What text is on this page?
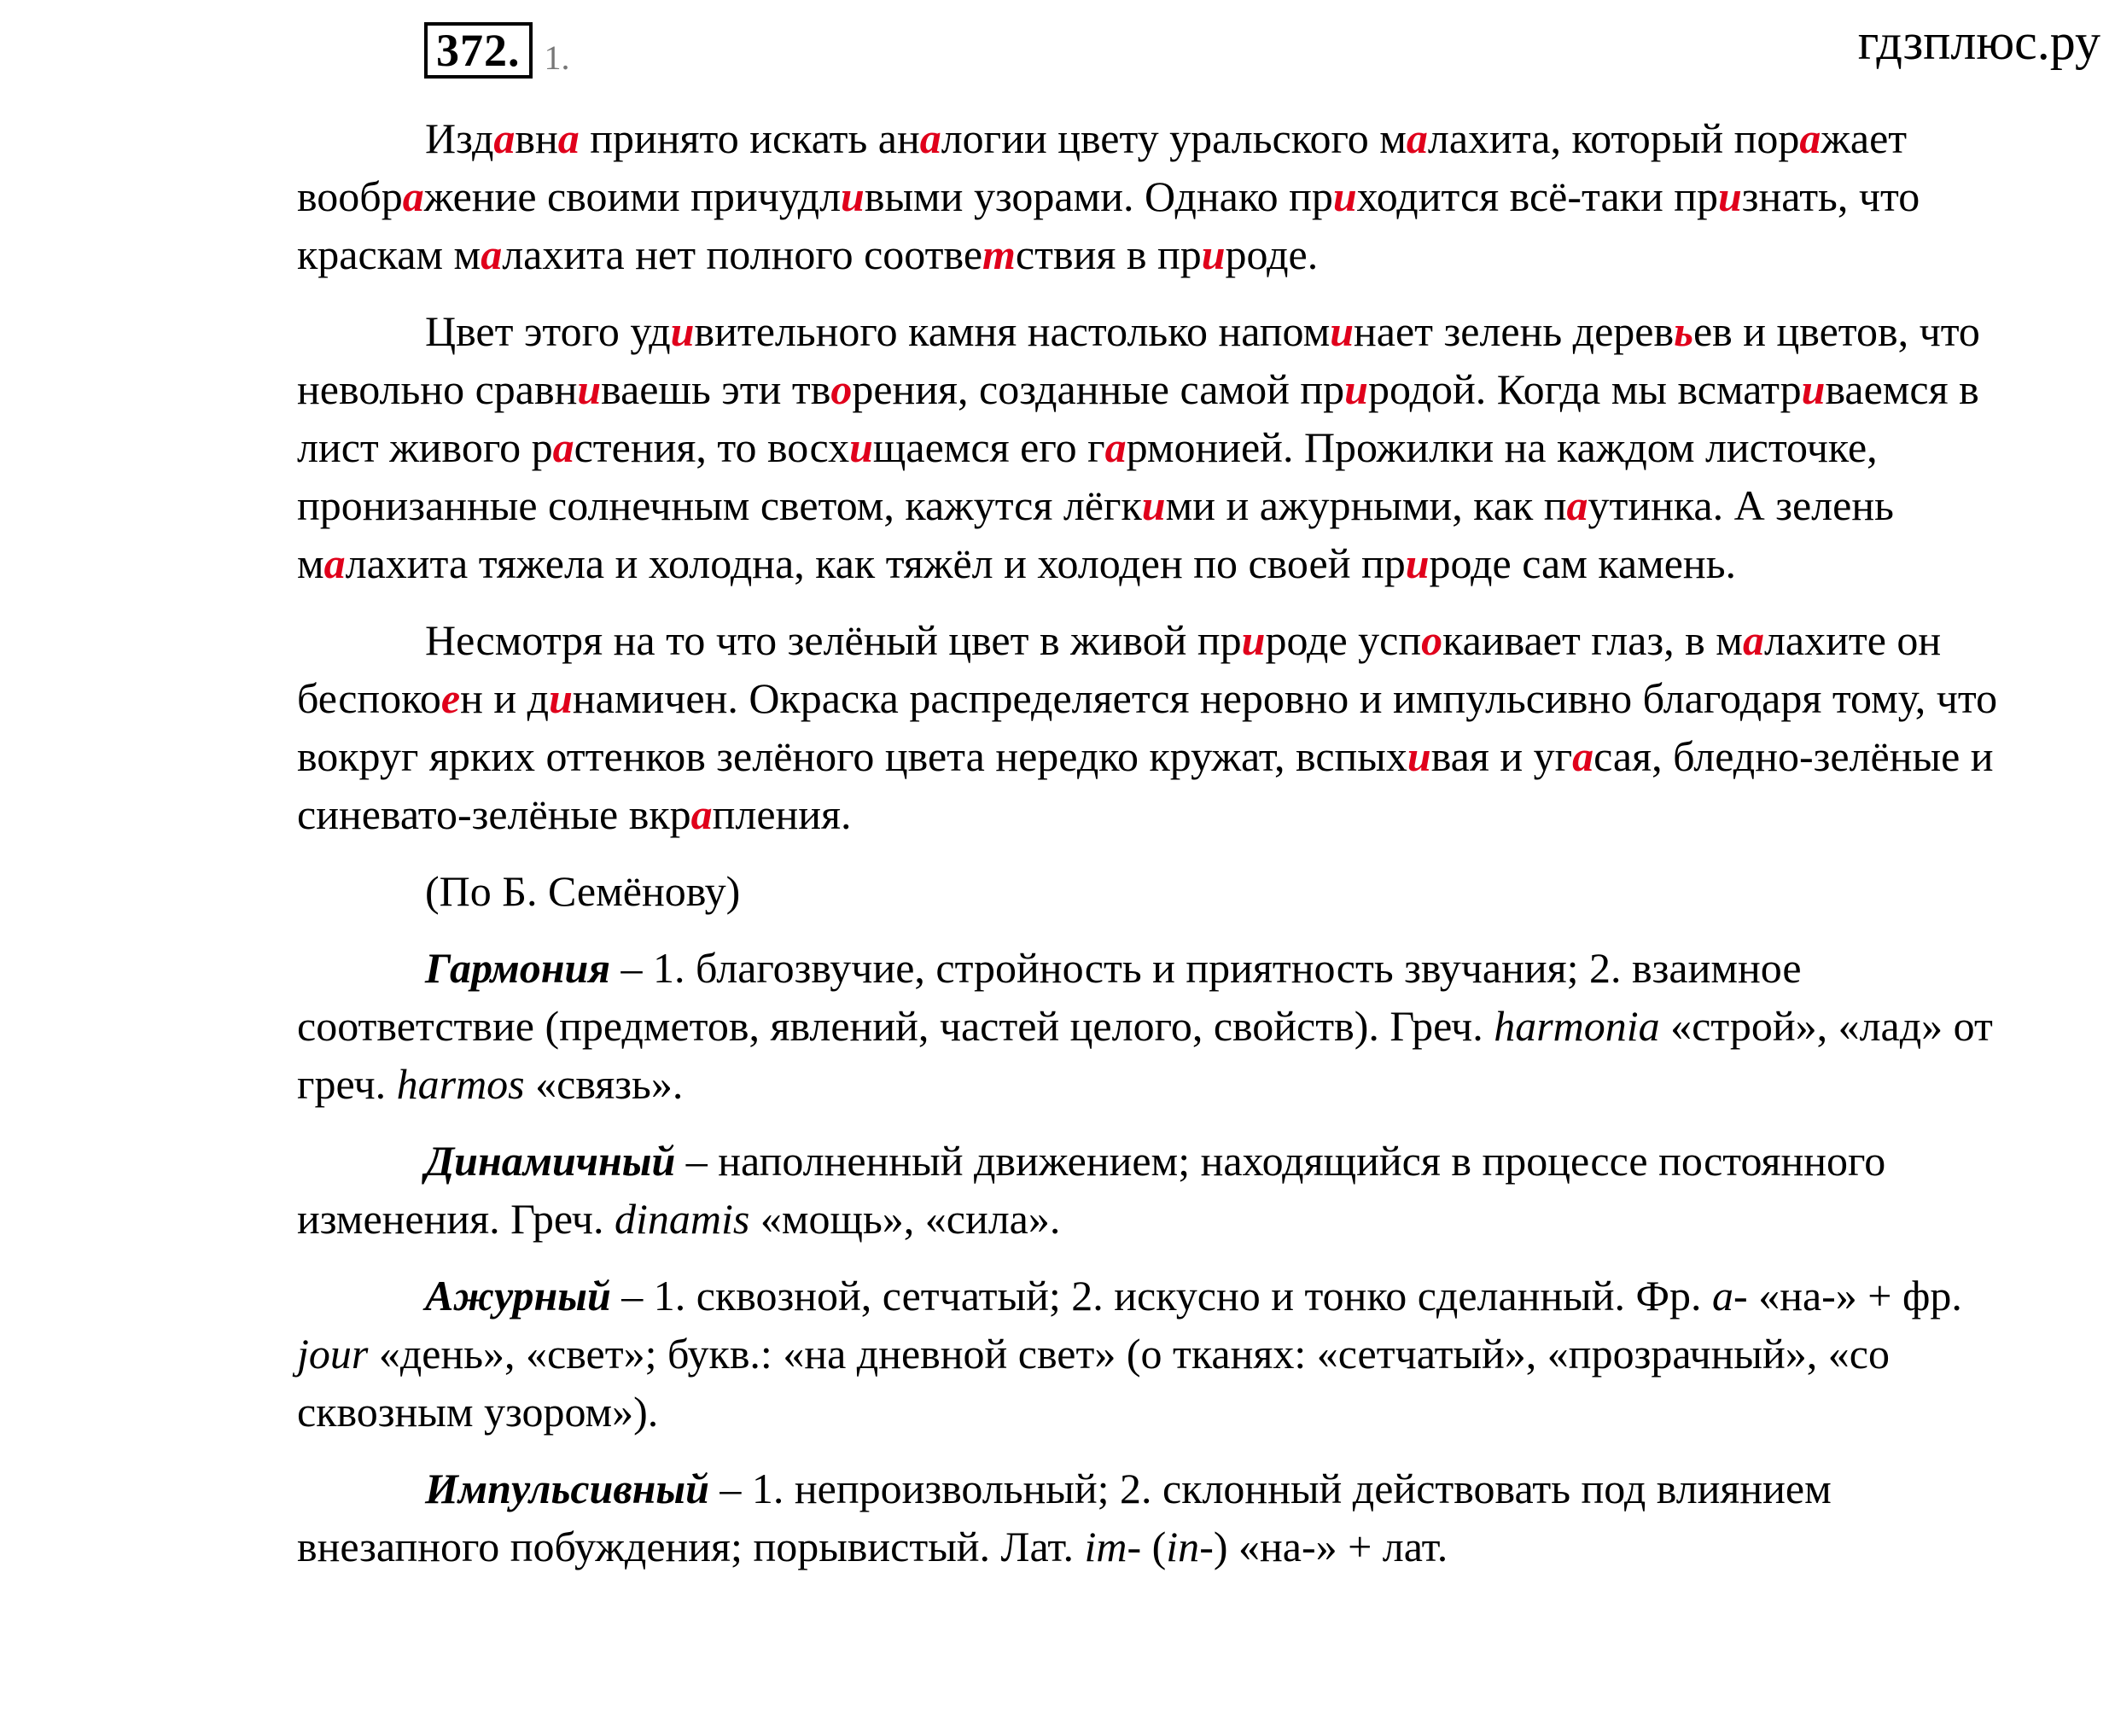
372. 1.	гдзплюс.ру

Издавна принято искать аналогии цвету уральского малахита, который поражает воображение своими причудливыми узорами. Однако приходится всё-таки признать, что краскам малахита нет полного соответствия в природе.

Цвет этого удивительного камня настолько напоминает зелень деревьев и цветов, что невольно сравниваешь эти творения, созданные самой природой. Когда мы всматриваемся в лист живого растения, то восхищаемся его гармонией. Прожилки на каждом листочке, пронизанные солнечным светом, кажутся лёгкими и ажурными, как паутинка. А зелень малахита тяжела и холодна, как тяжёл и холоден по своей природе сам камень.

Несмотря на то что зелёный цвет в живой природе успокаивает глаз, в малахите он беспокоен и динамичен. Окраска распределяется неровно и импульсивно благодаря тому, что вокруг ярких оттенков зелёного цвета нередко кружат, вспыхивая и угасая, бледно-зелёные и синевато-зелёные вкрапления.

(По Б. Семёнову)

Гармония – 1. благозвучие, стройность и приятность звучания; 2. взаимное соответствие (предметов, явлений, частей целого, свойств). Греч. harmonia «строй», «лад» от греч. harmos «связь».

Динамичный – наполненный движением; находящийся в процессе постоянного изменения. Греч. dinamis «мощь», «сила».

Ажурный – 1. сквозной, сетчатый; 2. искусно и тонко сделанный. Фр. a- «на-» + фр. jour «день», «свет»; букв.: «на дневной свет» (о тканях: «сетчатый», «прозрачный», «со сквозным узором»).

Импульсивный – 1. непроизвольный; 2. склонный действовать под влиянием внезапного побуждения; порывистый. Лат. im- (in-) «на-» + лат.
